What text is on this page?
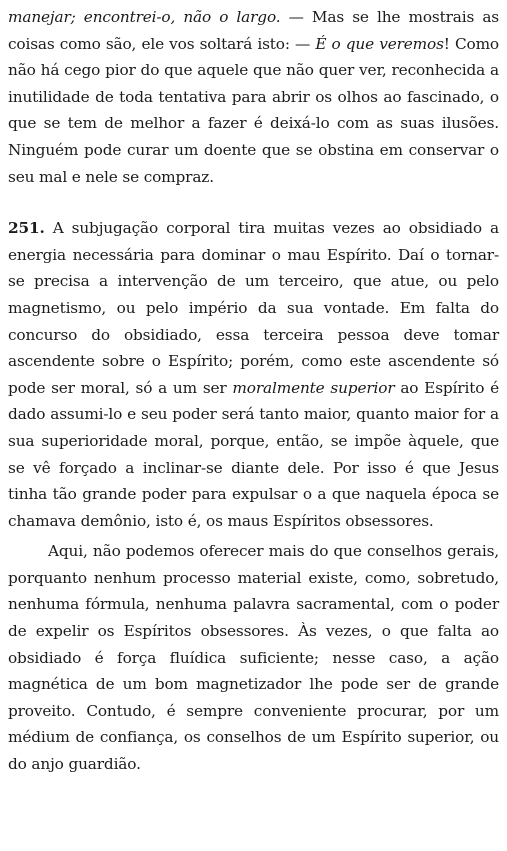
manejar; encontrei-o, não o largo. — Mas se lhe mostrais as coisas como são, ele vos soltará isto: — É o que veremos! Como não há cego pior do que aquele que não quer ver, reconhecida a inutilidade de toda tentativa para abrir os olhos ao fascinado, o que se tem de melhor a fazer é deixá-lo com as suas ilusões. Ninguém pode curar um doente que se obstina em conservar o seu mal e nele se compraz.

251. A subjugação corporal tira muitas vezes ao obsidiado a energia necessária para dominar o mau Espírito. Daí o tornar-se precisa a intervenção de um terceiro, que atue, ou pelo magnetismo, ou pelo império da sua vontade. Em falta do concurso do obsidiado, essa terceira pessoa deve tomar ascendente sobre o Espírito; porém, como este ascendente só pode ser moral, só a um ser moralmente superior ao Espírito é dado assumi-lo e seu poder será tanto maior, quanto maior for a sua superioridade moral, porque, então, se impõe àquele, que se vê forçado a inclinar-se diante dele. Por isso é que Jesus tinha tão grande poder para expulsar o a que naquela época se chamava demônio, isto é, os maus Espíritos obsessores.

Aqui, não podemos oferecer mais do que conselhos gerais, porquanto nenhum processo material existe, como, sobretudo, nenhuma fórmula, nenhuma palavra sacramental, com o poder de expelir os Espíritos obsessores. Às vezes, o que falta ao obsidiado é força fluídica suficiente; nesse caso, a ação magnética de um bom magnetizador lhe pode ser de grande proveito. Contudo, é sempre conveniente procurar, por um médium de confiança, os conselhos de um Espírito superior, ou do anjo guardião.
